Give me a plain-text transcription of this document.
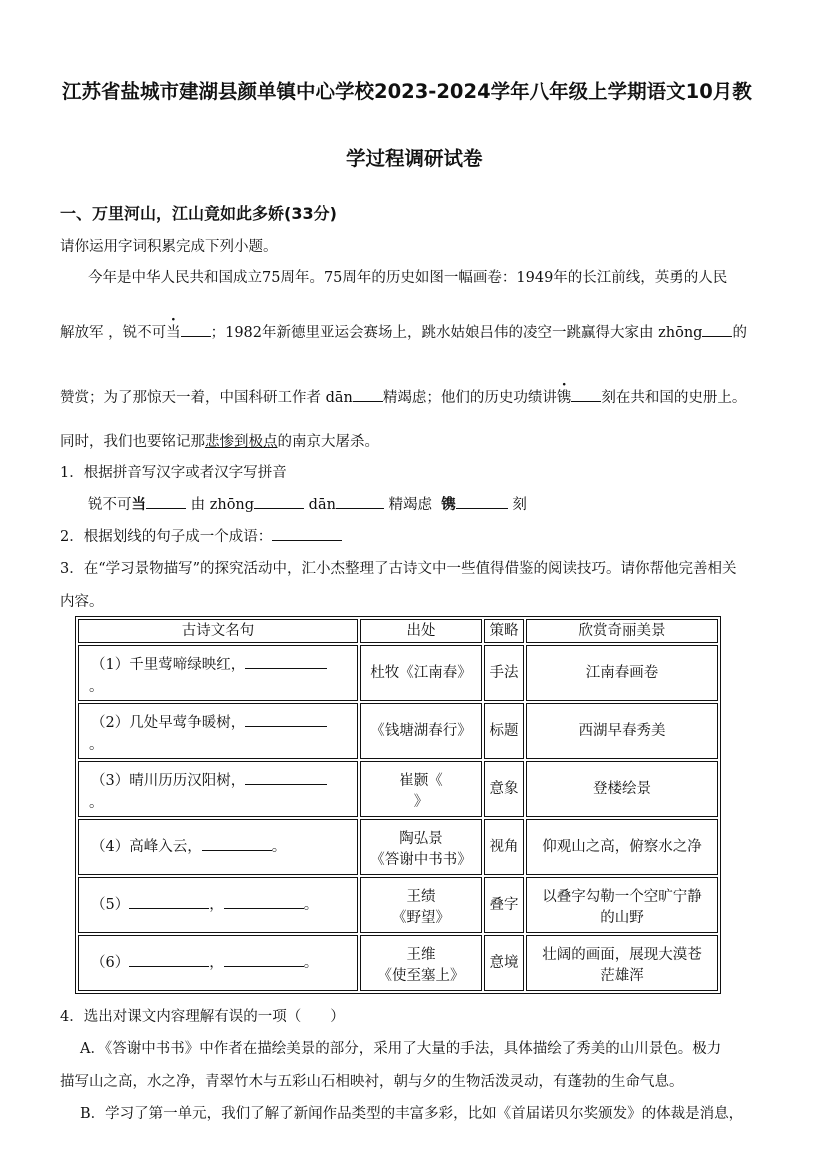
江苏省盐城市建湖县颜单镇中心学校2023-2024学年八年级上学期语文10月教
学过程调研试卷
一、万里河山，江山竟如此多娇(33分)
请你运用字词积累完成下列小题。
今年是中华人民共和国成立75周年。75周年的历史如图一幅画卷：1949年的长江前线，英勇的人民
解放军 ，锐不可当 ；1982年新德里亚运会赛场上，跳水姑娘吕伟的凌空一跳赢得大家由 zhōng 的
赞赏；为了那惊天一着，中国科研工作者 dān 精竭虑；他们的历史功绩讲镌 刻在共和国的史册上。
同时，我们也要铭记那悲惨到极点的南京大屠杀。
1．根据拼音写汉字或者汉字写拼音
锐不可当	由 zhōng	dān	精竭虑 镌	刻
2．根据划线的句子成一个成语：
3．在“学习景物描写”的探究活动中，汇小杰整理了古诗文中一些值得借鉴的阅读技巧。请你帮他完善相关
内容。
古诗文名句	出处	策略	欣赏奇丽美景

（1）千里莺啼绿映红，
。	杜牧《江南春》	手法	江南春画卷

（2）几处早莺争暖树，
。	《钱塘湖春行》	标题	西湖早春秀美

（3）晴川历历汉阳树，
。	崔颢《
》	意象	登楼绘景
（4）高峰入云， 。	陶弘景
《答谢中书书》	视角	仰观山之高，俯察水之净
（5） ， 。	王绩
《野望》	叠字	以叠字勾勒一个空旷宁静
的山野

（6） ， 。	王维
《使至塞上》	意境	壮阔的画面，展现大漠苍
茫雄浑
4．选出对课文内容理解有误的一项（　　）
A．《答谢中书书》中作者在描绘美景的部分，采用了大量的手法，具体描绘了秀美的山川景色。极力
描写山之高，水之净，青翠竹木与五彩山石相映衬，朝与夕的生物活泼灵动，有蓬勃的生命气息。
B．学习了第一单元，我们了解了新闻作品类型的丰富多彩，比如《首届诺贝尔奖颁发》的体裁是消息，
